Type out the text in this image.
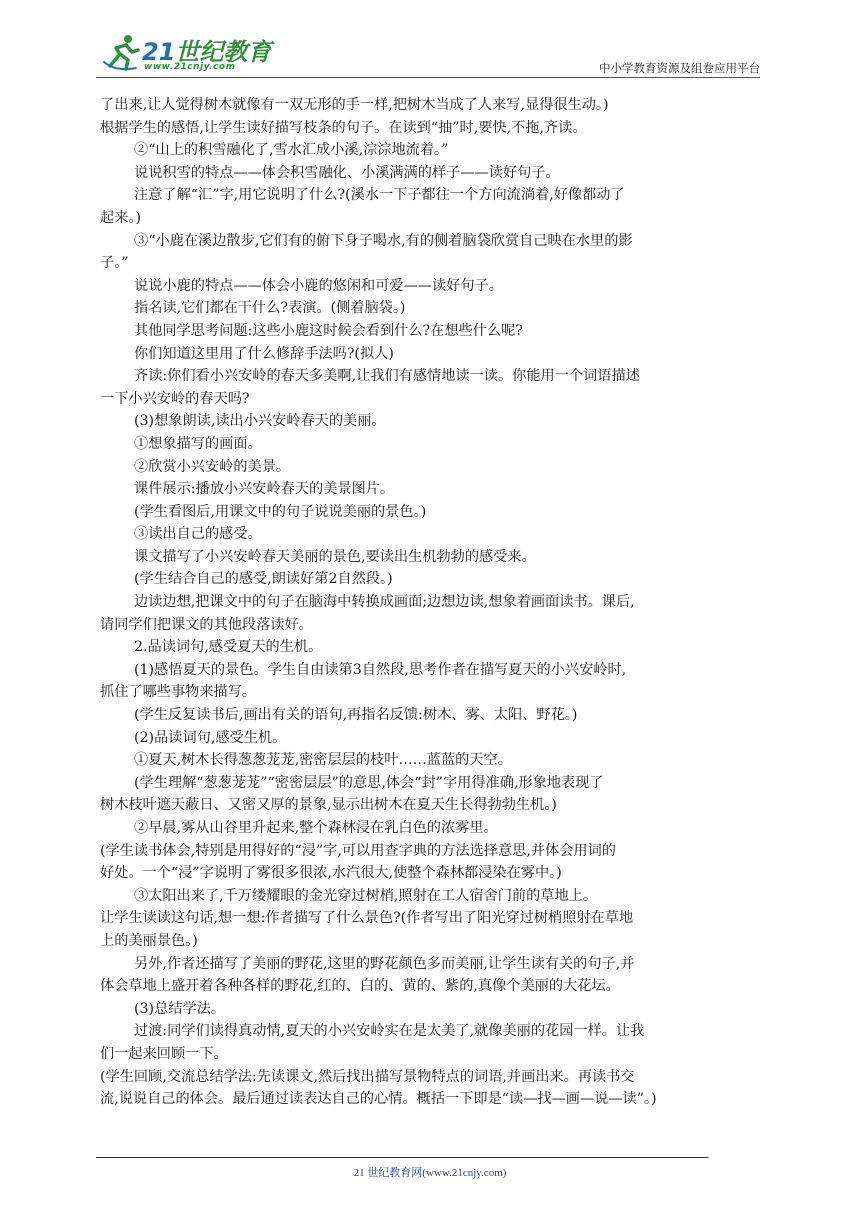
21世纪教育
www.21cnjy.com	中小学教育资源及组卷应用平台
了出来,让人觉得树木就像有一双无形的手一样,把树木当成了人来写,显得很生动。)
根据学生的感悟,让学生读好描写枝条的句子。在读到“抽”时,要快,不拖,齐读。
②“山上的积雪融化了,雪水汇成小溪,淙淙地流着。”
说说积雪的特点——体会积雪融化、小溪满满的样子——读好句子。
注意了解“汇”字,用它说明了什么?(溪水一下子都往一个方向流淌着,好像都动了
起来。)
③“小鹿在溪边散步,它们有的俯下身子喝水,有的侧着脑袋欣赏自己映在水里的影
子。”
说说小鹿的特点——体会小鹿的悠闲和可爱——读好句子。
指名读,它们都在干什么?表演。(侧着脑袋。)
其他同学思考问题:这些小鹿这时候会看到什么?在想些什么呢?
你们知道这里用了什么修辞手法吗?(拟人)
齐读:你们看小兴安岭的春天多美啊,让我们有感情地读一读。你能用一个词语描述
一下小兴安岭的春天吗?
(3)想象朗读,读出小兴安岭春天的美丽。
①想象描写的画面。
②欣赏小兴安岭的美景。
课件展示:播放小兴安岭春天的美景图片。
(学生看图后,用课文中的句子说说美丽的景色。)
③读出自己的感受。
课文描写了小兴安岭春天美丽的景色,要读出生机勃勃的感受来。
(学生结合自己的感受,朗读好第2自然段。)
边读边想,把课文中的句子在脑海中转换成画面;边想边读,想象着画面读书。课后,
请同学们把课文的其他段落读好。
2.品读词句,感受夏天的生机。
(1)感悟夏天的景色。学生自由读第3自然段,思考作者在描写夏天的小兴安岭时,
抓住了哪些事物来描写。
(学生反复读书后,画出有关的语句,再指名反馈:树木、雾、太阳、野花。)
(2)品读词句,感受生机。
①夏天,树木长得葱葱茏茏,密密层层的枝叶……蓝蓝的天空。
(学生理解“葱葱茏茏”“密密层层”的意思,体会“封”字用得准确,形象地表现了
树木枝叶遮天蔽日、又密又厚的景象,显示出树木在夏天生长得勃勃生机。)
②早晨,雾从山谷里升起来,整个森林浸在乳白色的浓雾里。
(学生读书体会,特别是用得好的“浸”字,可以用查字典的方法选择意思,并体会用词的
好处。一个“浸”字说明了雾很多很浓,水汽很大,使整个森林都浸染在雾中。)
③太阳出来了,千万缕耀眼的金光穿过树梢,照射在工人宿舍门前的草地上。
让学生读读这句话,想一想:作者描写了什么景色?(作者写出了阳光穿过树梢照射在草地
上的美丽景色。)
另外,作者还描写了美丽的野花,这里的野花颜色多而美丽,让学生读有关的句子,并
体会草地上盛开着各种各样的野花,红的、白的、黄的、紫的,真像个美丽的大花坛。
(3)总结学法。
过渡:同学们读得真动情,夏天的小兴安岭实在是太美了,就像美丽的花园一样。让我
们一起来回顾一下。
(学生回顾,交流总结学法:先读课文,然后找出描写景物特点的词语,并画出来。再读书交
流,说说自己的体会。最后通过读表达自己的心情。概括一下即是“读—找—画—说—读”。)
21 世纪教育网(www.21cnjy.com)
